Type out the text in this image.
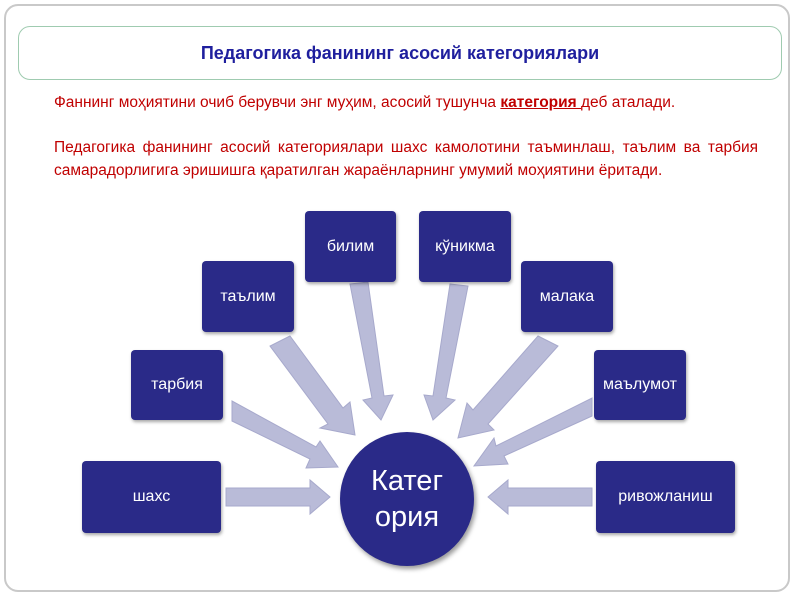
Педагогика фанининг асосий категориялари
Фаннинг моҳиятини очиб берувчи энг муҳим, асосий тушунча категория деб аталади.
Педагогика фанининг асосий категориялари шахс камолотини таъминлаш, таълим ва тарбия самарадорлигига эришишга қаратилган жараёнларнинг умумий моҳиятини ёритади.
шахс
тарбия
таълим
билим	кўникма
малака
маълумот
ривожланиш
Катег
ория
